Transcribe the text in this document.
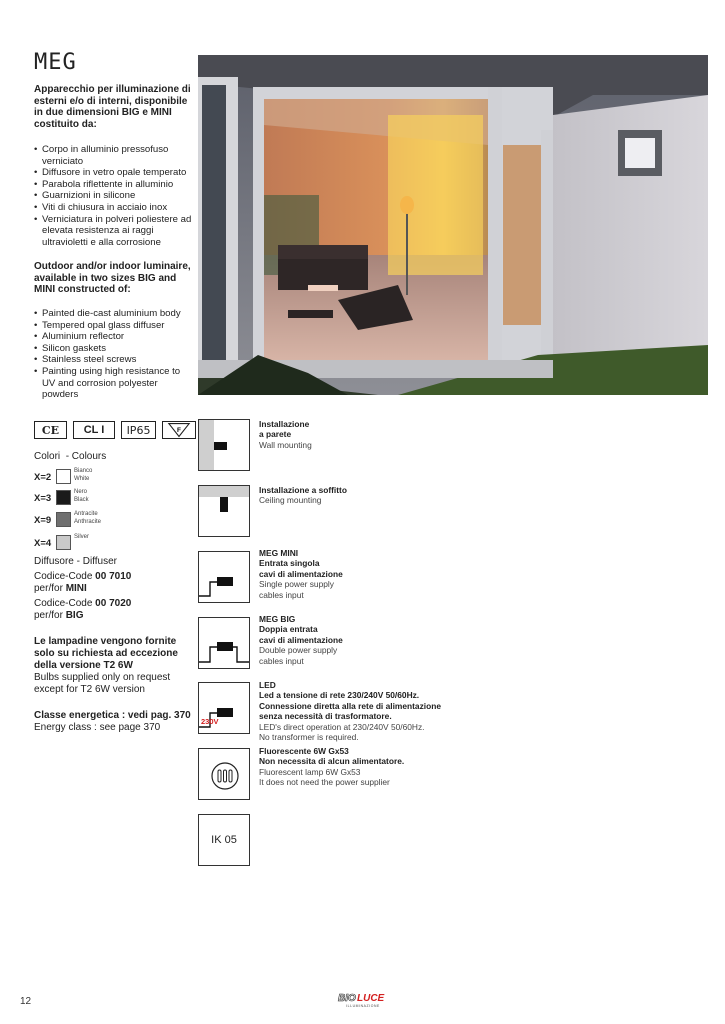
MEG
Apparecchio per illuminazione di esterni e/o di interni, disponibile in due dimensioni BIG e MINI costituito da:
• Corpo in alluminio pressofuso verniciato
• Diffusore in vetro opale temperato
• Parabola riflettente in alluminio
• Guarnizioni in silicone
• Viti di chiusura in acciaio inox
• Verniciatura in polveri poliestere ad elevata resistenza ai raggi ultravioletti e alla corrosione
Outdoor and/or indoor luminaire, available in two sizes BIG and MINI constructed of:
• Painted die-cast aluminium body
• Tempered opal glass diffuser
• Aluminium reflector
• Silicon gaskets
• Stainless steel screws
• Painting using high resistance to UV and corrosion polyester powders
CE	CL I	IP65	F
Colori - Colours
X=2
Bianco
White
X=3
Nero
Black
X=9
Antracite
Anthracite
X=4
Silver
Diffusore - Diffuser
Codice-Code 00 7010
per/for MINI
Codice-Code 00 7020
per/for BIG
Le lampadine vengono fornite solo su richiesta ad eccezione della versione T2 6W
Bulbs supplied only on request except for T2 6W version
Classe energetica : vedi pag. 370
Energy class : see page 370
Installazione
a parete
Wall mounting
Installazione a soffitto
Ceiling mounting
MEG MINI
Entrata singola
cavi di alimentazione
Single power supply
cables input
MEG BIG
Doppia entrata
cavi di alimentazione
Double power supply
cables input
230V
LED
Led a tensione di rete 230/240V 50/60Hz.
Connessione diretta alla rete di alimentazione
senza necessità di trasformatore.
LED's direct operation at 230/240V 50/60Hz.
No transformer is required.
Fluorescente 6W Gx53
Non necessita di alcun alimentatore.
Fluorescent lamp 6W Gx53
It does not need the power supplier
IK 05
12	BIO LUCE
ILLUMINAZIONE
